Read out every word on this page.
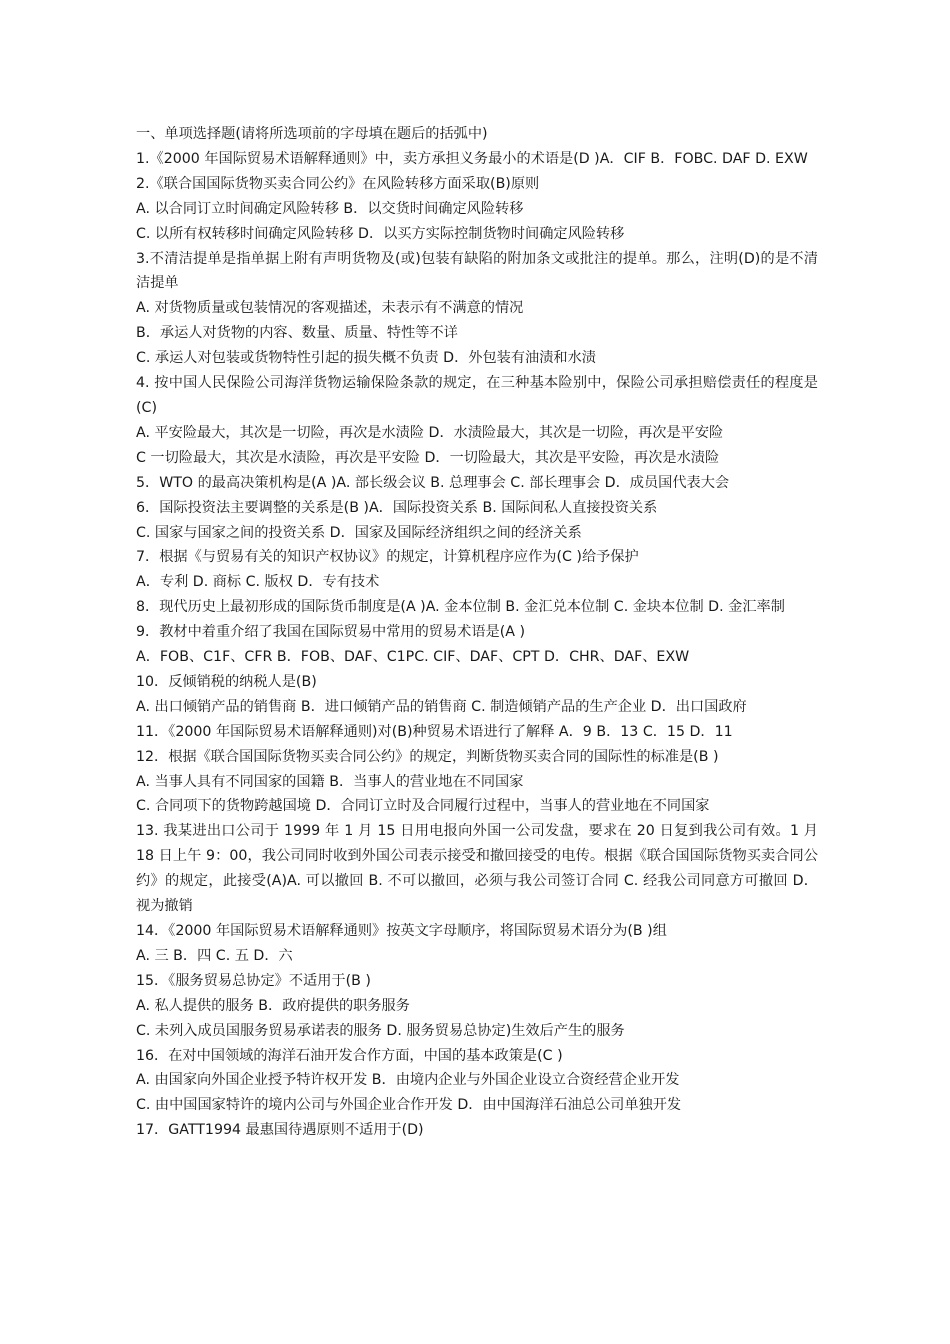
一、单项选择题(请将所选项前的字母填在题后的括弧中)

1.《2000 年国际贸易术语解释通则》中，卖方承担义务最小的术语是(D )A．CIF B．FOBC. DAF D. EXW

2.《联合国国际货物买卖合同公约》在风险转移方面采取(B)原则

A. 以合同订立时间确定风险转移 B．以交货时间确定风险转移

C. 以所有权转移时间确定风险转移 D．以买方实际控制货物时间确定风险转移

3.不清洁提单是指单据上附有声明货物及(或)包装有缺陷的附加条文或批注的提单。那么，注明(D)的是不清洁提单

A. 对货物质量或包装情况的客观描述，未表示有不满意的情况

B．承运人对货物的内容、数量、质量、特性等不详

C. 承运人对包装或货物特性引起的损失概不负责 D．外包装有油渍和水渍

4. 按中国人民保险公司海洋货物运输保险条款的规定，在三种基本险别中，保险公司承担赔偿责任的程度是(C)

A. 平安险最大，其次是一切险，再次是水渍险 D．水渍险最大，其次是一切险，再次是平安险

C 一切险最大，其次是水渍险，再次是平安险 D．一切险最大，其次是平安险，再次是水渍险

5．WTO 的最高决策机构是(A )A. 部长级会议 B. 总理事会 C. 部长理事会 D．成员国代表大会

6．国际投资法主要调整的关系是(B )A．国际投资关系 B. 国际间私人直接投资关系

C. 国家与国家之间的投资关系 D．国家及国际经济组织之间的经济关系

7．根据《与贸易有关的知识产权协议》的规定，计算机程序应作为(C )给予保护

A．专利 D. 商标 C. 版权 D．专有技术

8．现代历史上最初形成的国际货币制度是(A )A. 金本位制 B. 金汇兑本位制 C. 金块本位制 D. 金汇率制

9．教材中着重介绍了我国在国际贸易中常用的贸易术语是(A )

A．FOB、C1F、CFR B．FOB、DAF、C1PC. CIF、DAF、CPT D．CHR、DAF、EXW

10．反倾销税的纳税人是(B)

A. 出口倾销产品的销售商 B．进口倾销产品的销售商 C. 制造倾销产品的生产企业 D．出口国政府

11．《2000 年国际贸易术语解释通则)对(B)种贸易术语进行了解释 A．9 B．13 C．15 D．11

12．根据《联合国国际货物买卖合同公约》的规定，判断货物买卖合同的国际性的标准是(B )

A. 当事人具有不同国家的国籍 B．当事人的营业地在不同国家

C. 合同项下的货物跨越国境 D．合同订立时及合同履行过程中，当事人的营业地在不同国家

13. 我某进出口公司于 1999 年 1 月 15 日用电报向外国一公司发盘，要求在 20 日复到我公司有效。1 月 18 日上午 9：00，我公司同时收到外国公司表示接受和撤回接受的电传。根据《联合国国际货物买卖合同公约》的规定，此接受(A)A. 可以撤回 B. 不可以撤回，必须与我公司签订合同 C. 经我公司同意方可撤回 D．视为撤销

14．《2000 年国际贸易术语解释通则》按英文字母顺序，将国际贸易术语分为(B )组

A. 三 B．四 C. 五 D．六

15．《服务贸易总协定》不适用于(B )

A. 私人提供的服务 B．政府提供的职务服务

C. 未列入成员国服务贸易承诺表的服务 D. 服务贸易总协定)生效后产生的服务

16．在对中国领域的海洋石油开发合作方面，中国的基本政策是(C )

A. 由国家向外国企业授予特许权开发 B．由境内企业与外国企业设立合资经营企业开发

C. 由中国国家特许的境内公司与外国企业合作开发 D．由中国海洋石油总公司单独开发

17．GATT1994 最惠国待遇原则不适用于(D)
